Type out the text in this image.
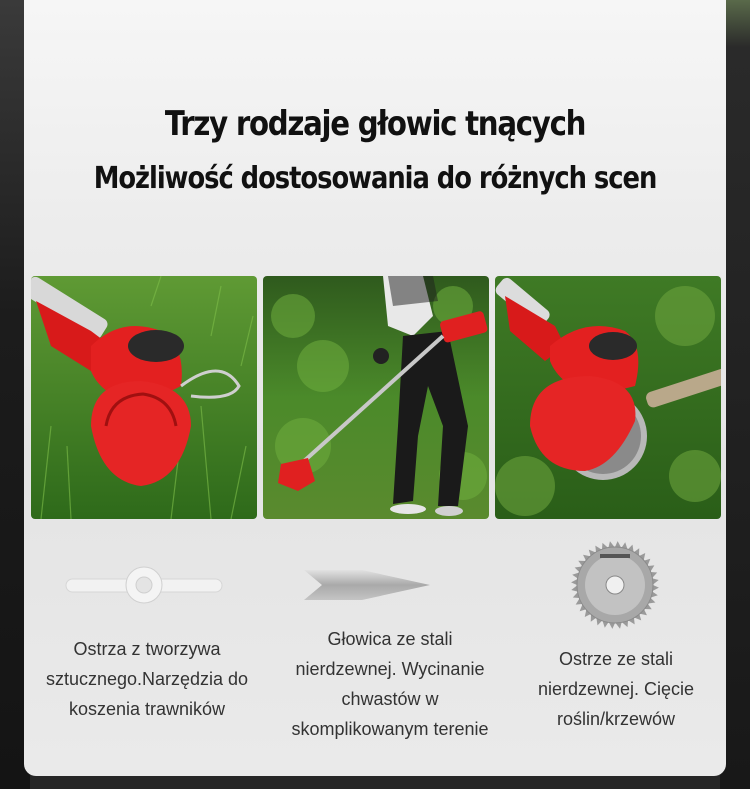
Trzy rodzaje głowic tnących
Możliwość dostosowania do różnych scen
Ostrza z tworzywa
sztucznego.Narzędzia do
koszenia trawników
Głowica ze stali
nierdzewnej. Wycinanie
chwastów w
skomplikowanym terenie
Ostrze ze stali
nierdzewnej. Cięcie
roślin/krzewów
